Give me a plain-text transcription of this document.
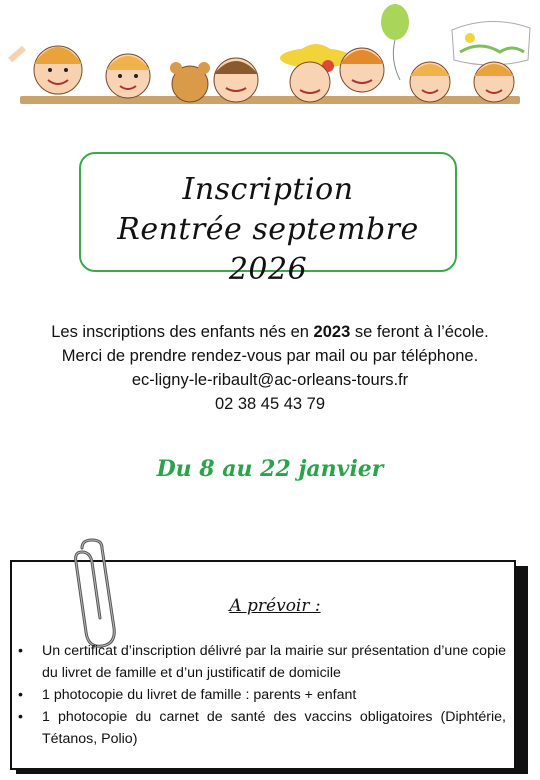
Inscription
Rentrée septembre 2026
Les inscriptions des enfants nés en 2023 se feront à l’école.
Merci de prendre rendez-vous par mail ou par téléphone.
ec-ligny-le-ribault@ac-orleans-tours.fr
02 38 45 43 79
Du 8 au 22 janvier
A prévoir :
• Un certificat d’inscription délivré par la mairie sur présentation d’une copie du livret de famille et d’un justificatif de domicile
• 1 photocopie du livret de famille : parents + enfant
• 1 photocopie du carnet de santé des vaccins obligatoires (Diphtérie, Tétanos, Polio)
